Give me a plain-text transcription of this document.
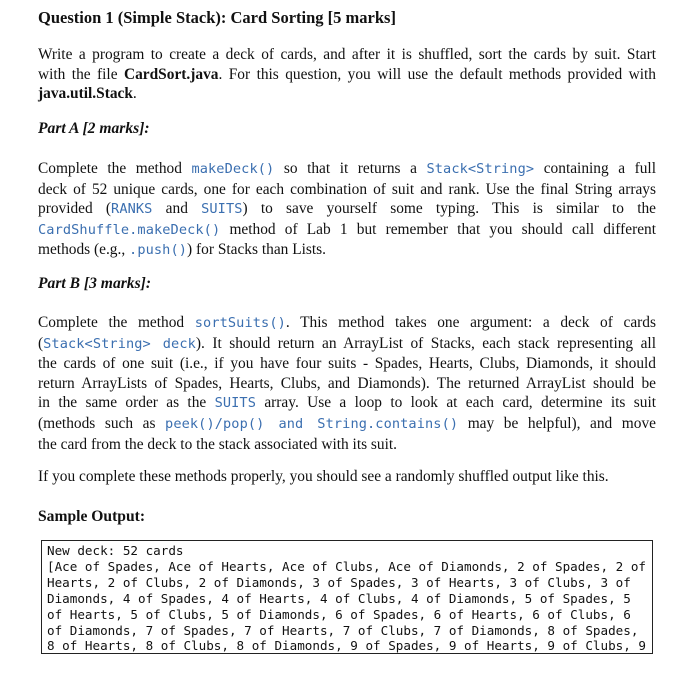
Question 1 (Simple Stack): Card Sorting [5 marks]
Write a program to create a deck of cards, and after it is shuffled, sort the cards by suit. Start
with the file CardSort.java. For this question, you will use the default methods provided with
java.util.Stack.
Part A [2 marks]:
Complete the method makeDeck() so that it returns a Stack<String> containing a full
deck of 52 unique cards, one for each combination of suit and rank. Use the final String arrays
provided (RANKS and SUITS) to save yourself some typing. This is similar to the
CardShuffle.makeDeck() method of Lab 1 but remember that you should call different
methods (e.g., .push()) for Stacks than Lists.
Part B [3 marks]:
Complete the method sortSuits(). This method takes one argument: a deck of cards
(Stack<String> deck). It should return an ArrayList of Stacks, each stack representing all
the cards of one suit (i.e., if you have four suits - Spades, Hearts, Clubs, Diamonds, it should
return ArrayLists of Spades, Hearts, Clubs, and Diamonds). The returned ArrayList should be
in the same order as the SUITS array. Use a loop to look at each card, determine its suit
(methods such as peek()/pop() and String.contains() may be helpful), and move
the card from the deck to the stack associated with its suit.
If you complete these methods properly, you should see a randomly shuffled output like this.
Sample Output:
New deck: 52 cards
[Ace of Spades, Ace of Hearts, Ace of Clubs, Ace of Diamonds, 2 of Spades, 2 of
Hearts, 2 of Clubs, 2 of Diamonds, 3 of Spades, 3 of Hearts, 3 of Clubs, 3 of
Diamonds, 4 of Spades, 4 of Hearts, 4 of Clubs, 4 of Diamonds, 5 of Spades, 5
of Hearts, 5 of Clubs, 5 of Diamonds, 6 of Spades, 6 of Hearts, 6 of Clubs, 6
of Diamonds, 7 of Spades, 7 of Hearts, 7 of Clubs, 7 of Diamonds, 8 of Spades,
8 of Hearts, 8 of Clubs, 8 of Diamonds, 9 of Spades, 9 of Hearts, 9 of Clubs, 9
